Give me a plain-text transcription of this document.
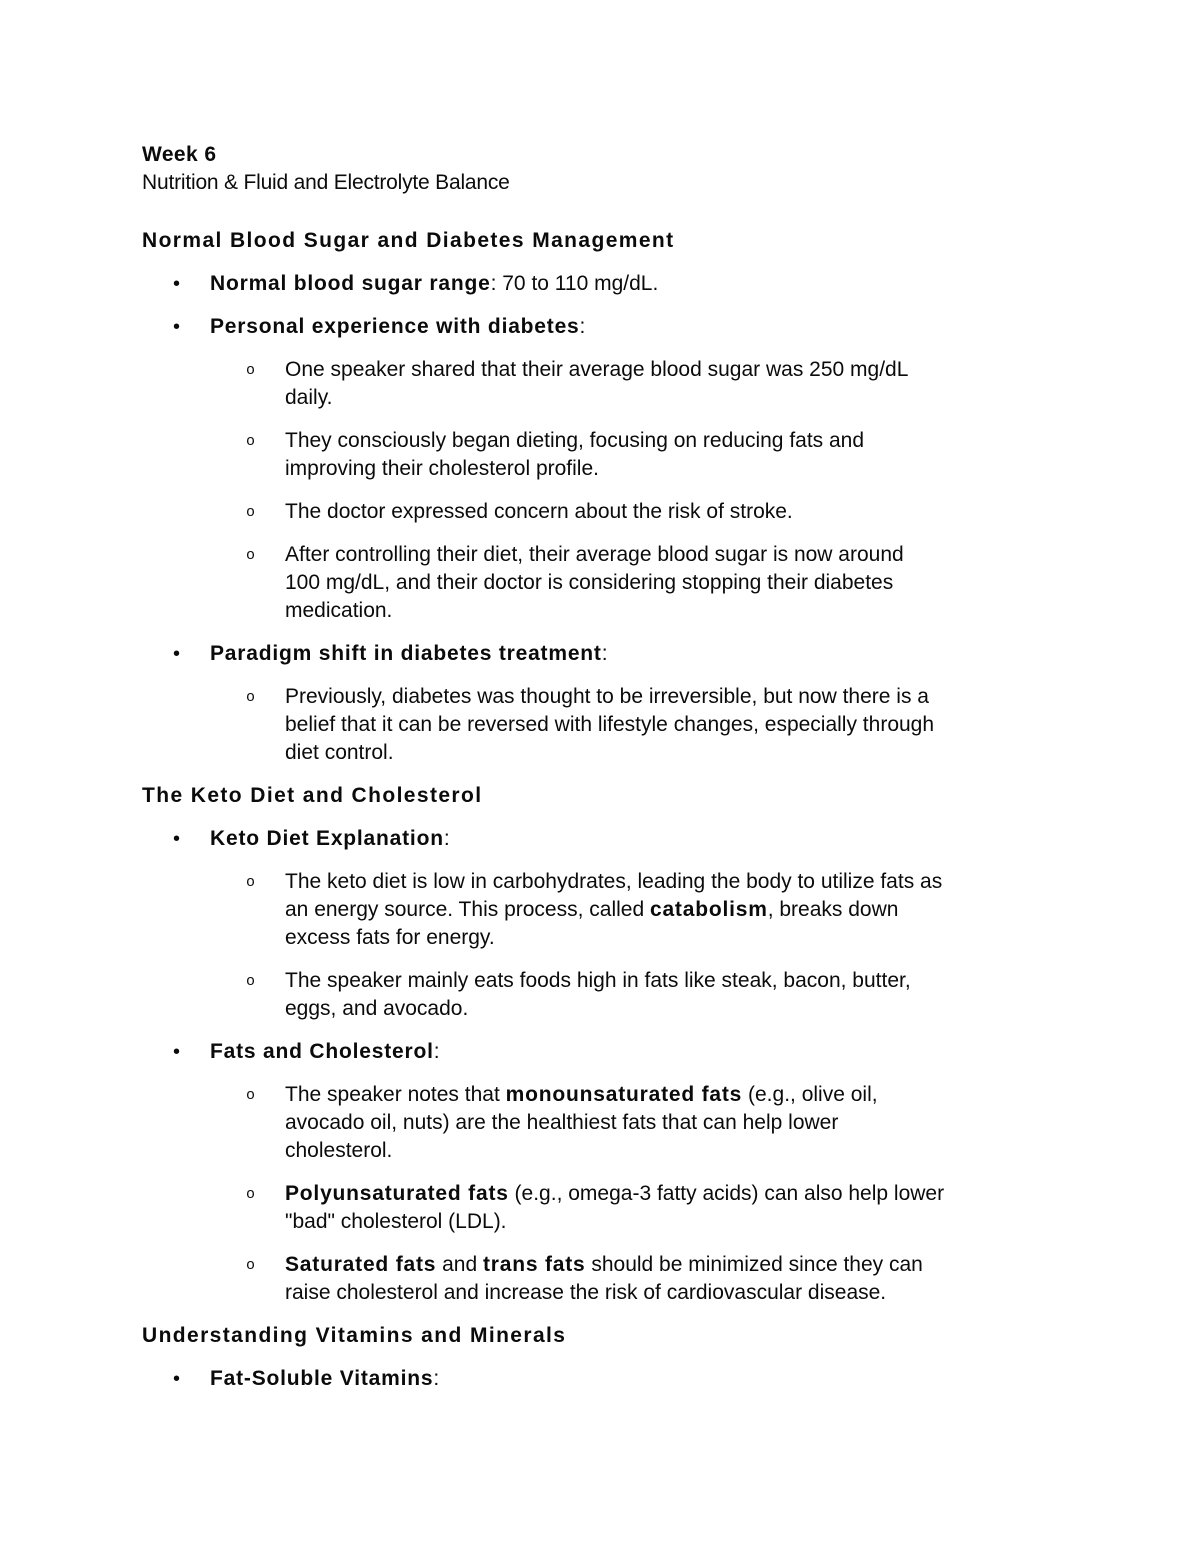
Week 6
Nutrition & Fluid and Electrolyte Balance
Normal Blood Sugar and Diabetes Management
• Normal blood sugar range: 70 to 110 mg/dL.
• Personal experience with diabetes:
o One speaker shared that their average blood sugar was 250 mg/dL
daily.
o They consciously began dieting, focusing on reducing fats and
improving their cholesterol profile.
o The doctor expressed concern about the risk of stroke.
o After controlling their diet, their average blood sugar is now around
100 mg/dL, and their doctor is considering stopping their diabetes
medication.
• Paradigm shift in diabetes treatment:
o Previously, diabetes was thought to be irreversible, but now there is a
belief that it can be reversed with lifestyle changes, especially through
diet control.
The Keto Diet and Cholesterol
• Keto Diet Explanation:
o The keto diet is low in carbohydrates, leading the body to utilize fats as
an energy source. This process, called catabolism, breaks down
excess fats for energy.
o The speaker mainly eats foods high in fats like steak, bacon, butter,
eggs, and avocado.
• Fats and Cholesterol:
o The speaker notes that monounsaturated fats (e.g., olive oil,
avocado oil, nuts) are the healthiest fats that can help lower
cholesterol.
o Polyunsaturated fats (e.g., omega-3 fatty acids) can also help lower
"bad" cholesterol (LDL).
o Saturated fats and trans fats should be minimized since they can
raise cholesterol and increase the risk of cardiovascular disease.
Understanding Vitamins and Minerals
• Fat-Soluble Vitamins:
